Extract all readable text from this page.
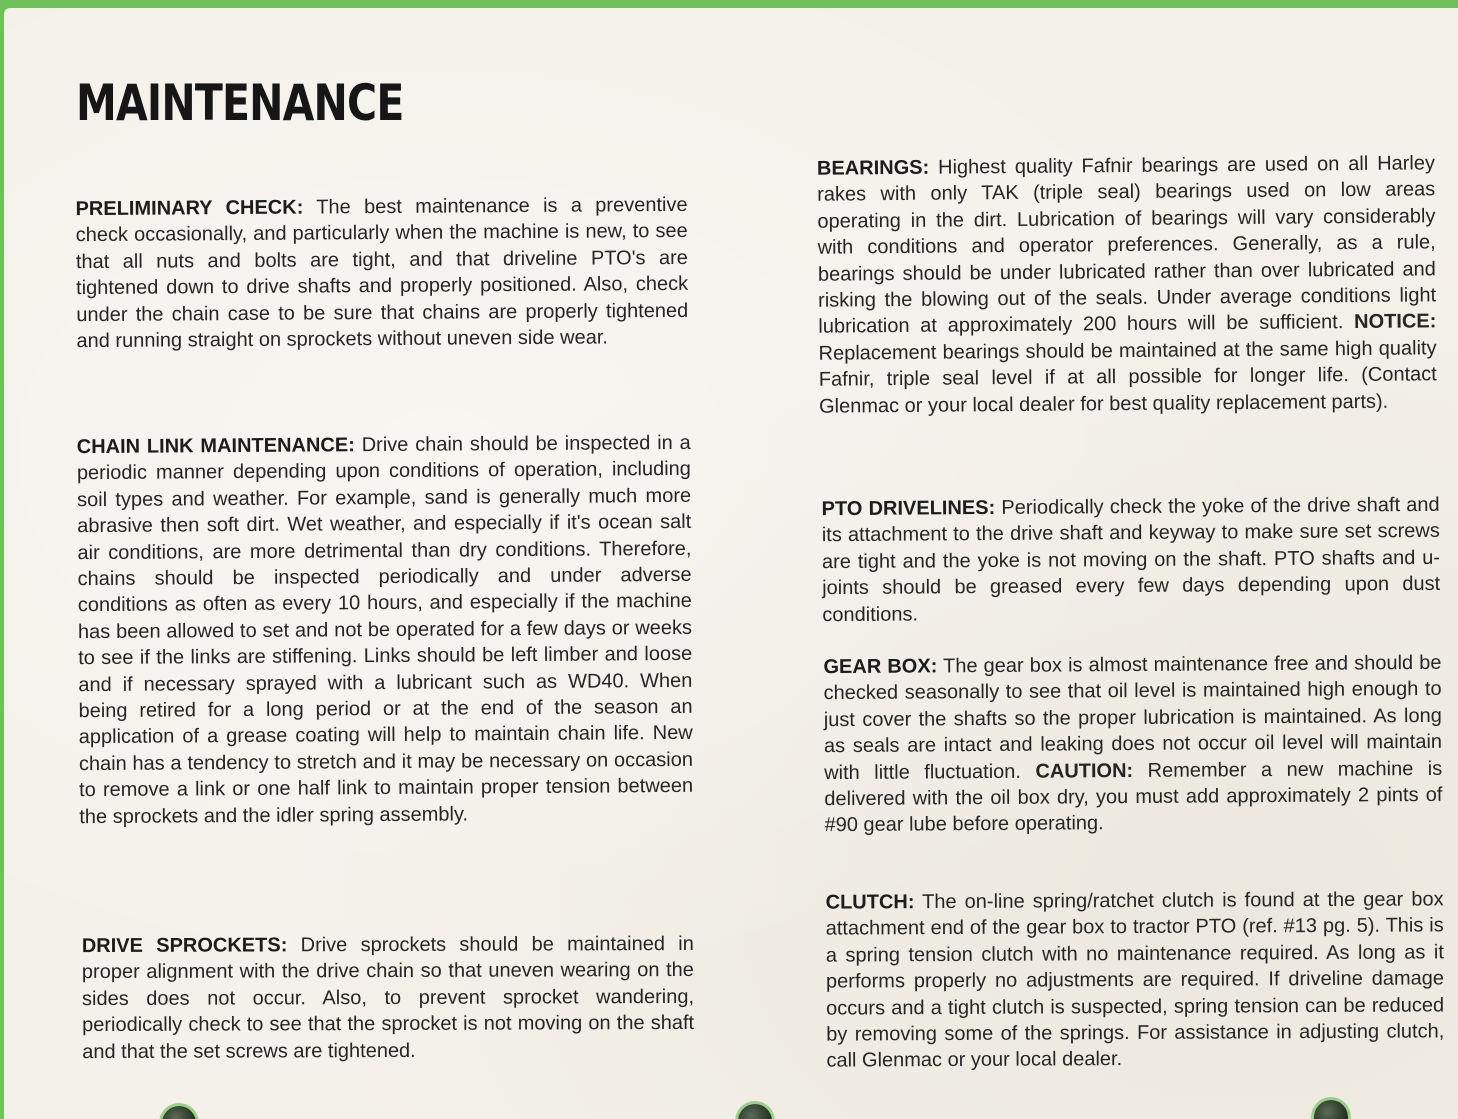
MAINTENANCE

PRELIMINARY CHECK: The best maintenance is a preventive check occasionally, and particularly when the machine is new, to see that all nuts and bolts are tight, and that driveline PTO's are tightened down to drive shafts and properly positioned. Also, check under the chain case to be sure that chains are properly tightened and running straight on sprockets without uneven side wear.

CHAIN LINK MAINTENANCE: Drive chain should be inspected in a periodic manner depending upon conditions of operation, including soil types and weather. For example, sand is generally much more abrasive then soft dirt. Wet weather, and especially if it's ocean salt air conditions, are more detrimental than dry conditions. Therefore, chains should be inspected periodically and under adverse conditions as often as every 10 hours, and especially if the machine has been allowed to set and not be operated for a few days or weeks to see if the links are stiffening. Links should be left limber and loose and if necessary sprayed with a lubricant such as WD40. When being retired for a long period or at the end of the season an application of a grease coating will help to maintain chain life. New chain has a tendency to stretch and it may be necessary on occasion to remove a link or one half link to maintain proper tension between the sprockets and the idler spring assembly.

DRIVE SPROCKETS: Drive sprockets should be maintained in proper alignment with the drive chain so that uneven wearing on the sides does not occur. Also, to prevent sprocket wandering, periodically check to see that the sprocket is not moving on the shaft and that the set screws are tightened.

BEARINGS: Highest quality Fafnir bearings are used on all Harley rakes with only TAK (triple seal) bearings used on low areas operating in the dirt. Lubrication of bearings will vary considerably with conditions and operator preferences. Generally, as a rule, bearings should be under lubricated rather than over lubricated and risking the blowing out of the seals. Under average conditions light lubrication at approximately 200 hours will be sufficient. NOTICE: Replacement bearings should be maintained at the same high quality Fafnir, triple seal level if at all possible for longer life. (Contact Glenmac or your local dealer for best quality replacement parts).

PTO DRIVELINES: Periodically check the yoke of the drive shaft and its attachment to the drive shaft and keyway to make sure set screws are tight and the yoke is not moving on the shaft. PTO shafts and u-joints should be greased every few days depending upon dust conditions.

GEAR BOX: The gear box is almost maintenance free and should be checked seasonally to see that oil level is maintained high enough to just cover the shafts so the proper lubrication is maintained. As long as seals are intact and leaking does not occur oil level will maintain with little fluctuation. CAUTION: Remember a new machine is delivered with the oil box dry, you must add approximately 2 pints of #90 gear lube before operating.

CLUTCH: The on-line spring/ratchet clutch is found at the gear box attachment end of the gear box to tractor PTO (ref. #13 pg. 5). This is a spring tension clutch with no maintenance required. As long as it performs properly no adjustments are required. If driveline damage occurs and a tight clutch is suspected, spring tension can be reduced by removing some of the springs. For assistance in adjusting clutch, call Glenmac or your local dealer.
